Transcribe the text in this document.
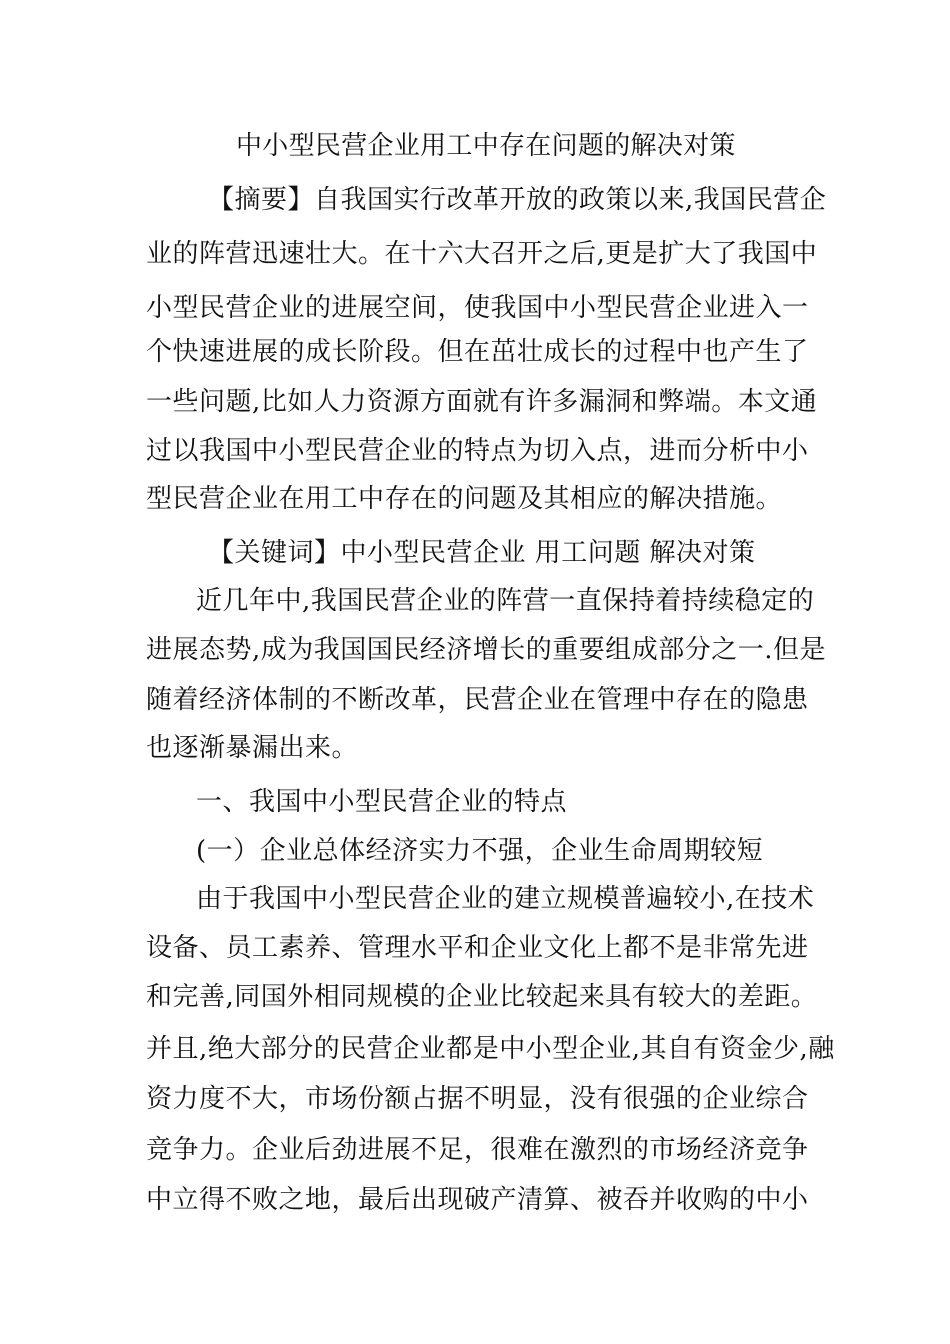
中小型民营企业用工中存在问题的解决对策
【摘要】自我国实行改革开放的政策以来,我国民营企
业的阵营迅速壮大。在十六大召开之后,更是扩大了我国中
小型民营企业的进展空间，使我国中小型民营企业进入一
个快速进展的成长阶段。但在茁壮成长的过程中也产生了
一些问题,比如人力资源方面就有许多漏洞和弊端。本文通
过以我国中小型民营企业的特点为切入点，进而分析中小
型民营企业在用工中存在的问题及其相应的解决措施。
【关键词】中小型民营企业 用工问题 解决对策
近几年中,我国民营企业的阵营一直保持着持续稳定的
进展态势,成为我国国民经济增长的重要组成部分之一.但是
随着经济体制的不断改革，民营企业在管理中存在的隐患
也逐渐暴漏出来。
一、我国中小型民营企业的特点
(一）企业总体经济实力不强，企业生命周期较短
由于我国中小型民营企业的建立规模普遍较小,在技术
设备、员工素养、管理水平和企业文化上都不是非常先进
和完善,同国外相同规模的企业比较起来具有较大的差距。
并且,绝大部分的民营企业都是中小型企业,其自有资金少,融
资力度不大，市场份额占据不明显，没有很强的企业综合
竞争力。企业后劲进展不足，很难在激烈的市场经济竞争
中立得不败之地，最后出现破产清算、被吞并收购的中小
